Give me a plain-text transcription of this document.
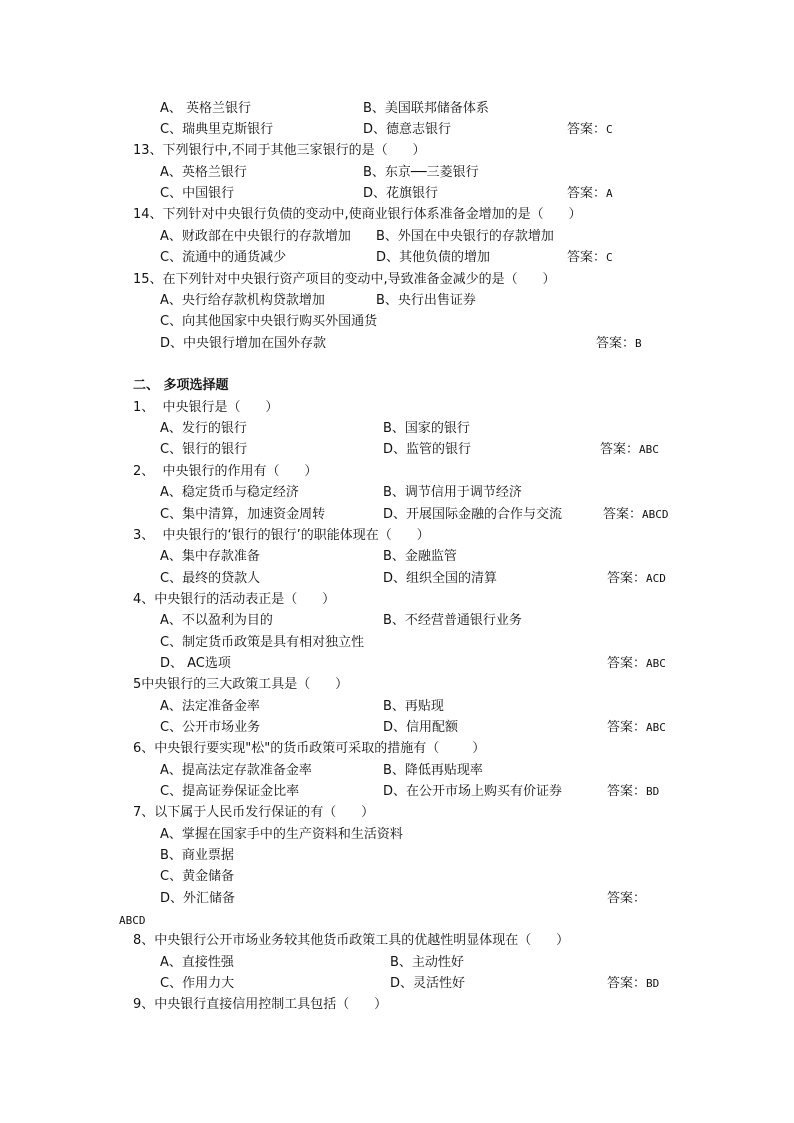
A、 英格兰银行	B、美国联邦储备体系
C、瑞典里克斯银行	D、德意志银行	答案：C
13、下列银行中,不同于其他三家银行的是（      ）
A、英格兰银行	B、东京──三菱银行
C、中国银行	D、花旗银行	答案：A
14、下列针对中央银行负债的变动中,使商业银行体系准备金增加的是（      ）
A、财政部在中央银行的存款增加 B、外国在中央银行的存款增加
C、流通中的通货减少	D、其他负债的增加	答案：C
15、在下列针对中央银行资产项目的变动中,导致准备金减少的是（      ）
A、央行给存款机构贷款增加	B、央行出售证券
C、向其他国家中央银行购买外国通货
D、中央银行增加在国外存款	答案：B
二、 多项选择题
1、  中央银行是（      ）
A、发行的银行	B、国家的银行
C、银行的银行	D、监管的银行	答案：ABC
2、  中央银行的作用有（      ）
A、稳定货币与稳定经济	B、调节信用于调节经济
C、集中清算，加速资金周转	D、开展国际金融的合作与交流	答案：ABCD
3、  中央银行的‘银行的银行’的职能体现在（      ）
A、集中存款准备	B、金融监管
C、最终的贷款人	D、组织全国的清算	答案：ACD
4、中央银行的活动表正是（      ）
A、不以盈利为目的	B、不经营普通银行业务
C、制定货币政策是具有相对独立性
D、 AC选项	答案：ABC
5中央银行的三大政策工具是（      ）
A、法定准备金率	B、再贴现
C、公开市场业务	D、信用配额	答案：ABC
6、中央银行要实现"松"的货币政策可采取的措施有（        ）
A、提高法定存款准备金率	B、降低再贴现率
C、提高证券保证金比率	D、在公开市场上购买有价证券	答案：BD
7、以下属于人民币发行保证的有（      ）
A、掌握在国家手中的生产资料和生活资料
B、商业票据
C、黄金储备
D、外汇储备	答案：
ABCD
8、中央银行公开市场业务较其他货币政策工具的优越性明显体现在（      ）
A、直接性强	B、主动性好
C、作用力大	D、灵活性好	答案：BD
9、中央银行直接信用控制工具包括（      ）
